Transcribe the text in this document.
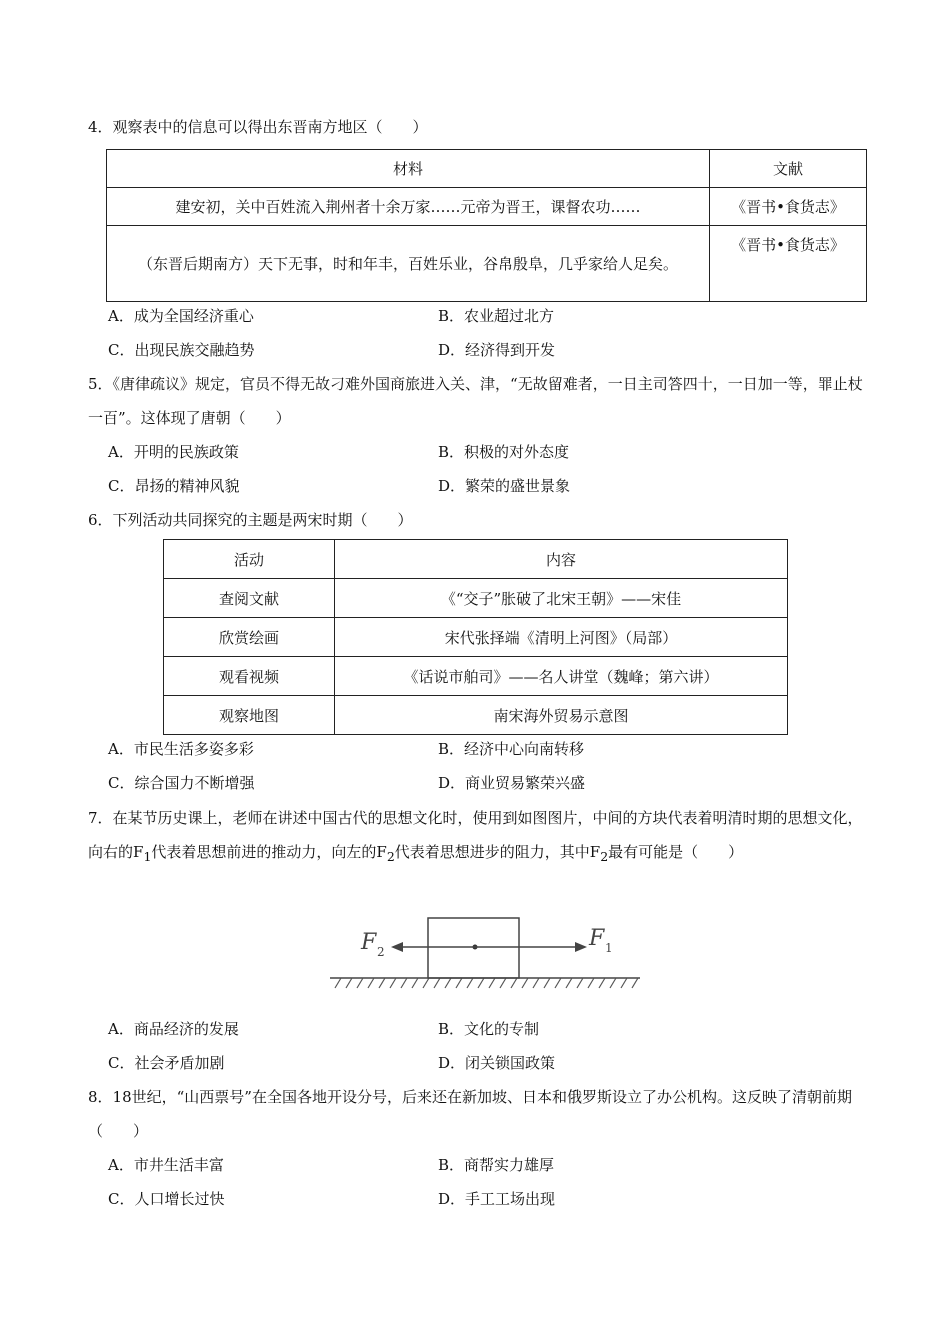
4．观察表中的信息可以得出东晋南方地区（　　）
材料	文献
建安初，关中百姓流入荆州者十余万家……元帝为晋王，课督农功……	《晋书•食货志》
（东晋后期南方）天下无事，时和年丰，百姓乐业，谷帛殷阜，几乎家给人足矣。	《晋书•食货志》
A．成为全国经济重心	B．农业超过北方
C．出现民族交融趋势	D．经济得到开发
5．《唐律疏议》规定，官员不得无故刁难外国商旅进入关、津，“无故留难者，一日主司答四十，一日加一等，罪止杖一百”。这体现了唐朝（　　）
A．开明的民族政策	B．积极的对外态度
C．昂扬的精神风貌	D．繁荣的盛世景象
6．下列活动共同探究的主题是两宋时期（　　）
活动	内容
查阅文献	《“交子”胀破了北宋王朝》——宋佳
欣赏绘画	宋代张择端《清明上河图》（局部）
观看视频	《话说市舶司》——名人讲堂（魏峰；第六讲）
观察地图	南宋海外贸易示意图
A．市民生活多姿多彩	B．经济中心向南转移
C．综合国力不断增强	D．商业贸易繁荣兴盛
7．在某节历史课上，老师在讲述中国古代的思想文化时，使用到如图图片，中间的方块代表着明清时期的思想文化，向右的$F_1$代表着思想前进的推动力，向左的$F_2$代表着思想进步的阻力，其中$F_2$最有可能是（　　）
F 2
F 1
A．商品经济的发展	B．文化的专制
C．社会矛盾加剧	D．闭关锁国政策
8．18世纪，“山西票号”在全国各地开设分号，后来还在新加坡、日本和俄罗斯设立了办公机构。这反映了清朝前期（　　）
A．市井生活丰富	B．商帮实力雄厚
C．人口增长过快	D．手工工场出现
